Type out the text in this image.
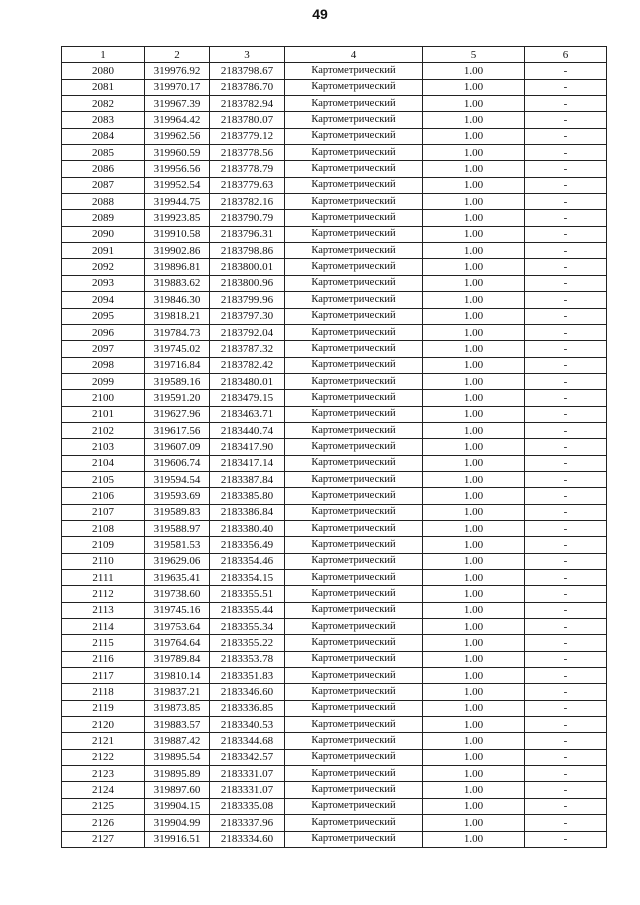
49
1	2	3	4	5	6
2080	319976.92	2183798.67	Картометрический	1.00	-
2081	319970.17	2183786.70	Картометрический	1.00	-
2082	319967.39	2183782.94	Картометрический	1.00	-
2083	319964.42	2183780.07	Картометрический	1.00	-
2084	319962.56	2183779.12	Картометрический	1.00	-
2085	319960.59	2183778.56	Картометрический	1.00	-
2086	319956.56	2183778.79	Картометрический	1.00	-
2087	319952.54	2183779.63	Картометрический	1.00	-
2088	319944.75	2183782.16	Картометрический	1.00	-
2089	319923.85	2183790.79	Картометрический	1.00	-
2090	319910.58	2183796.31	Картометрический	1.00	-
2091	319902.86	2183798.86	Картометрический	1.00	-
2092	319896.81	2183800.01	Картометрический	1.00	-
2093	319883.62	2183800.96	Картометрический	1.00	-
2094	319846.30	2183799.96	Картометрический	1.00	-
2095	319818.21	2183797.30	Картометрический	1.00	-
2096	319784.73	2183792.04	Картометрический	1.00	-
2097	319745.02	2183787.32	Картометрический	1.00	-
2098	319716.84	2183782.42	Картометрический	1.00	-
2099	319589.16	2183480.01	Картометрический	1.00	-
2100	319591.20	2183479.15	Картометрический	1.00	-
2101	319627.96	2183463.71	Картометрический	1.00	-
2102	319617.56	2183440.74	Картометрический	1.00	-
2103	319607.09	2183417.90	Картометрический	1.00	-
2104	319606.74	2183417.14	Картометрический	1.00	-
2105	319594.54	2183387.84	Картометрический	1.00	-
2106	319593.69	2183385.80	Картометрический	1.00	-
2107	319589.83	2183386.84	Картометрический	1.00	-
2108	319588.97	2183380.40	Картометрический	1.00	-
2109	319581.53	2183356.49	Картометрический	1.00	-
2110	319629.06	2183354.46	Картометрический	1.00	-
2111	319635.41	2183354.15	Картометрический	1.00	-
2112	319738.60	2183355.51	Картометрический	1.00	-
2113	319745.16	2183355.44	Картометрический	1.00	-
2114	319753.64	2183355.34	Картометрический	1.00	-
2115	319764.64	2183355.22	Картометрический	1.00	-
2116	319789.84	2183353.78	Картометрический	1.00	-
2117	319810.14	2183351.83	Картометрический	1.00	-
2118	319837.21	2183346.60	Картометрический	1.00	-
2119	319873.85	2183336.85	Картометрический	1.00	-
2120	319883.57	2183340.53	Картометрический	1.00	-
2121	319887.42	2183344.68	Картометрический	1.00	-
2122	319895.54	2183342.57	Картометрический	1.00	-
2123	319895.89	2183331.07	Картометрический	1.00	-
2124	319897.60	2183331.07	Картометрический	1.00	-
2125	319904.15	2183335.08	Картометрический	1.00	-
2126	319904.99	2183337.96	Картометрический	1.00	-
2127	319916.51	2183334.60	Картометрический	1.00	-
